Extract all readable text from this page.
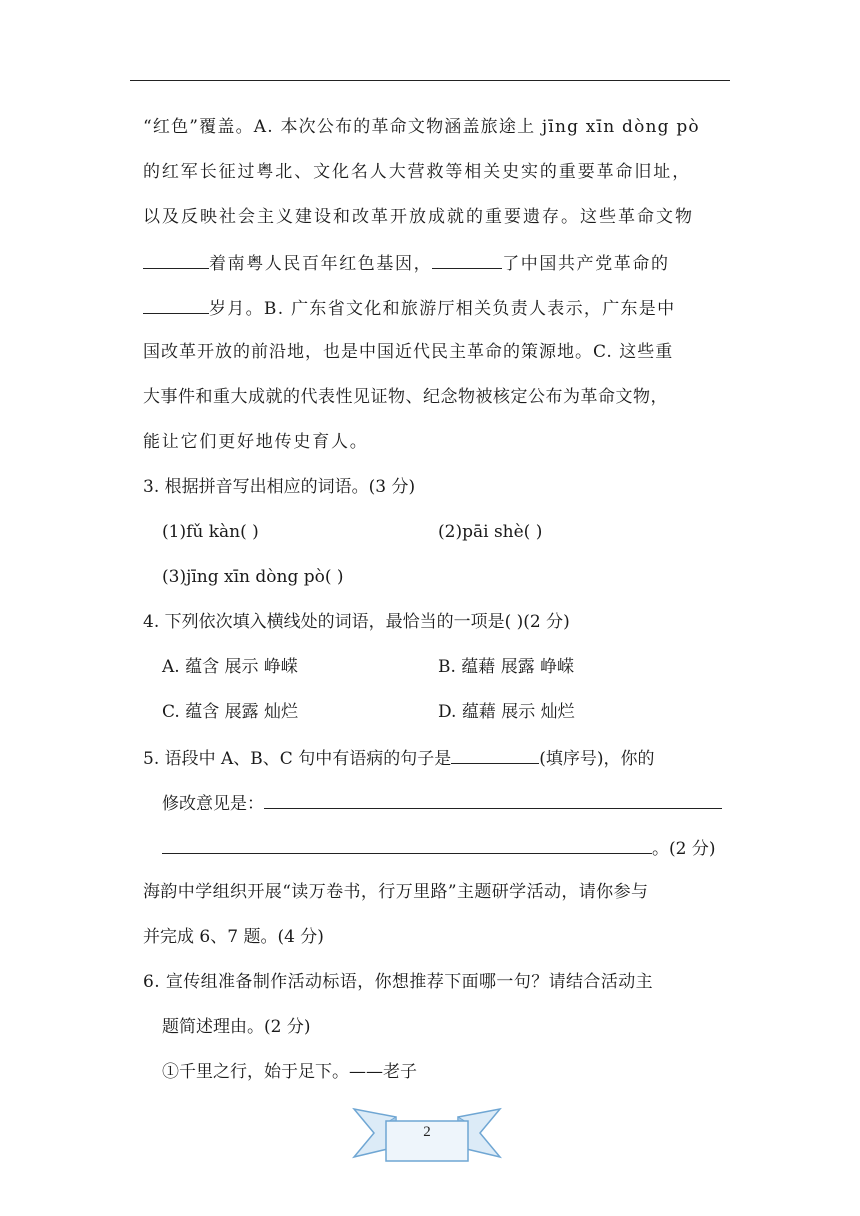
“红色”覆盖。A. 本次公布的革命文物涵盖旅途上 jīng xīn dòng pò
的红军长征过粤北、文化名人大营救等相关史实的重要革命旧址，
以及反映社会主义建设和改革开放成就的重要遗存。这些革命文物
着南粤人民百年红色基因，	了中国共产党革命的
岁月。B. 广东省文化和旅游厅相关负责人表示，广东是中
国改革开放的前沿地，也是中国近代民主革命的策源地。C. 这些重
大事件和重大成就的代表性见证物、纪念物被核定公布为革命文物，
能让它们更好地传史育人。
3. 根据拼音写出相应的词语。(3 分)
(1)fǔ kàn( )	(2)pāi shè( )
(3)jīng xīn dòng pò( )
4. 下列依次填入横线处的词语，最恰当的一项是( )(2 分)
A. 蕴含 展示 峥嵘	B. 蕴藉 展露 峥嵘
C. 蕴含 展露 灿烂	D. 蕴藉 展示 灿烂
5. 语段中 A、B、C 句中有语病的句子是	(填序号)，你的
修改意见是：
。(2 分)
海韵中学组织开展“读万卷书，行万里路”主题研学活动，请你参与
并完成 6、7 题。(4 分)
6. 宣传组准备制作活动标语，你想推荐下面哪一句？请结合活动主
题简述理由。(2 分)
①千里之行，始于足下。——老子
2
